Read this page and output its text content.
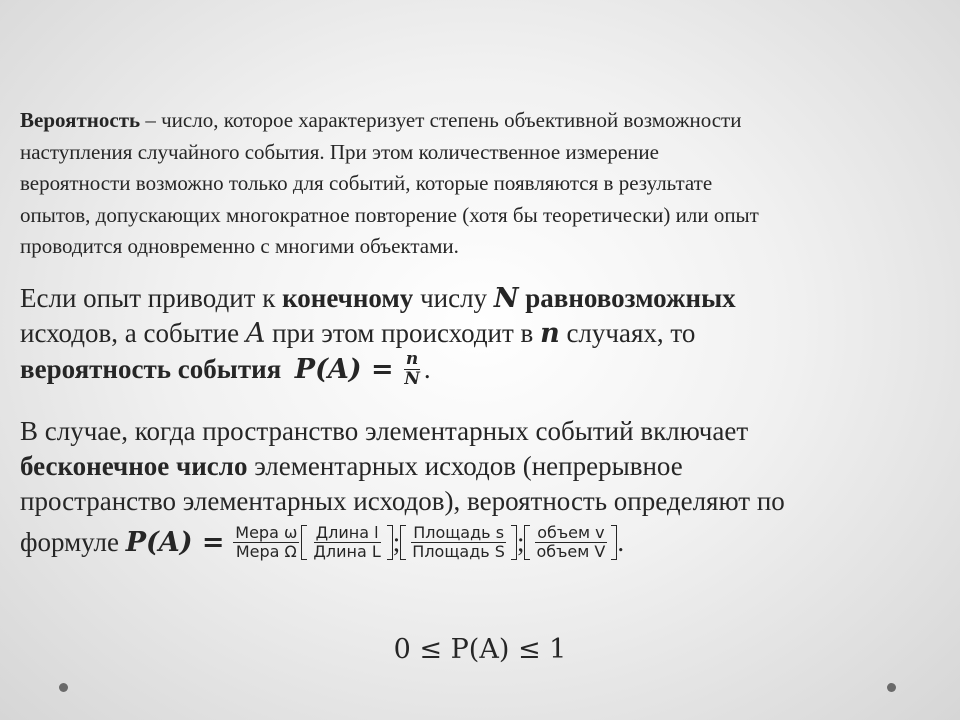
Вероятность – число, которое характеризует степень объективной возможности
наступления случайного события. При этом количественное измерение
вероятности возможно только для событий, которые появляются в результате
опытов, допускающих многократное повторение (хотя бы теоретически) или опыт
проводится одновременно с многими объектами.
Если опыт приводит к конечному числу N равновозможных
исходов, а событие A при этом происходит в n случаях, то
вероятность события
P(A) =
$\frac{n}{N}$ .
В случае, когда пространство элементарных событий включает
бесконечное число элементарных исходов (непрерывное
пространство элементарных исходов), вероятность определяют по
формуле
P(A) =
$\frac{\text{Мера ω}}{\text{Мера Ω}} \frac{\text{Длина l}}{\text{Длина L}}$ ; $\frac{\text{Площадь s}}{\text{Площадь S}}$ ; $\frac{\text{объем v}}{\text{объем V}}$ .
0 ≤ P(A) ≤ 1
